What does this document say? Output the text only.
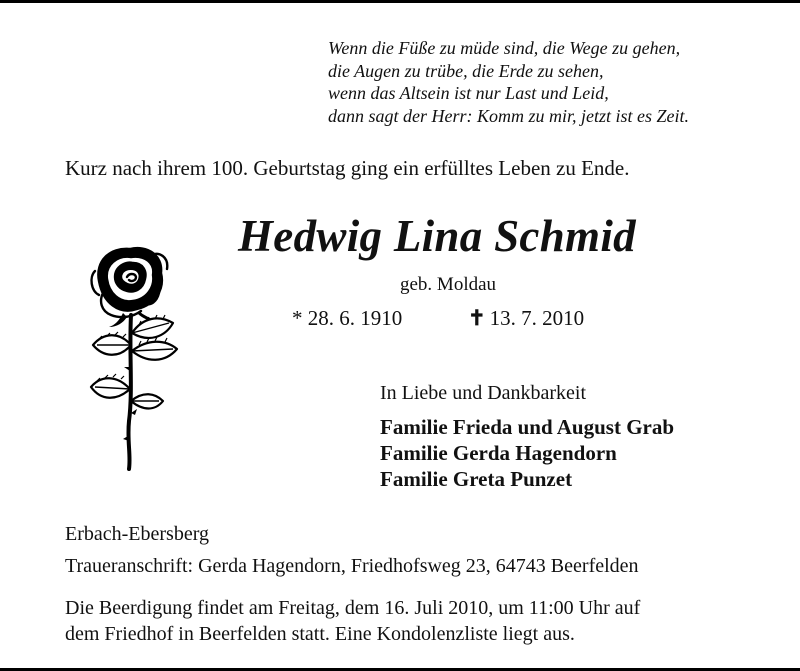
Wenn die Füße zu müde sind, die Wege zu gehen,
die Augen zu trübe, die Erde zu sehen,
wenn das Altsein ist nur Last und Leid,
dann sagt der Herr: Komm zu mir, jetzt ist es Zeit.
Kurz nach ihrem 100. Geburtstag ging ein erfülltes Leben zu Ende.
Hedwig Lina Schmid
geb. Moldau
* 28. 6. 1910	✝ 13. 7. 2010
In Liebe und Dankbarkeit
Familie Frieda und August Grab
Familie Gerda Hagendorn
Familie Greta Punzet
Erbach-Ebersberg
Traueranschrift: Gerda Hagendorn, Friedhofsweg 23, 64743 Beerfelden
Die Beerdigung findet am Freitag, dem 16. Juli 2010, um 11:00 Uhr auf
dem Friedhof in Beerfelden statt. Eine Kondolenzliste liegt aus.
